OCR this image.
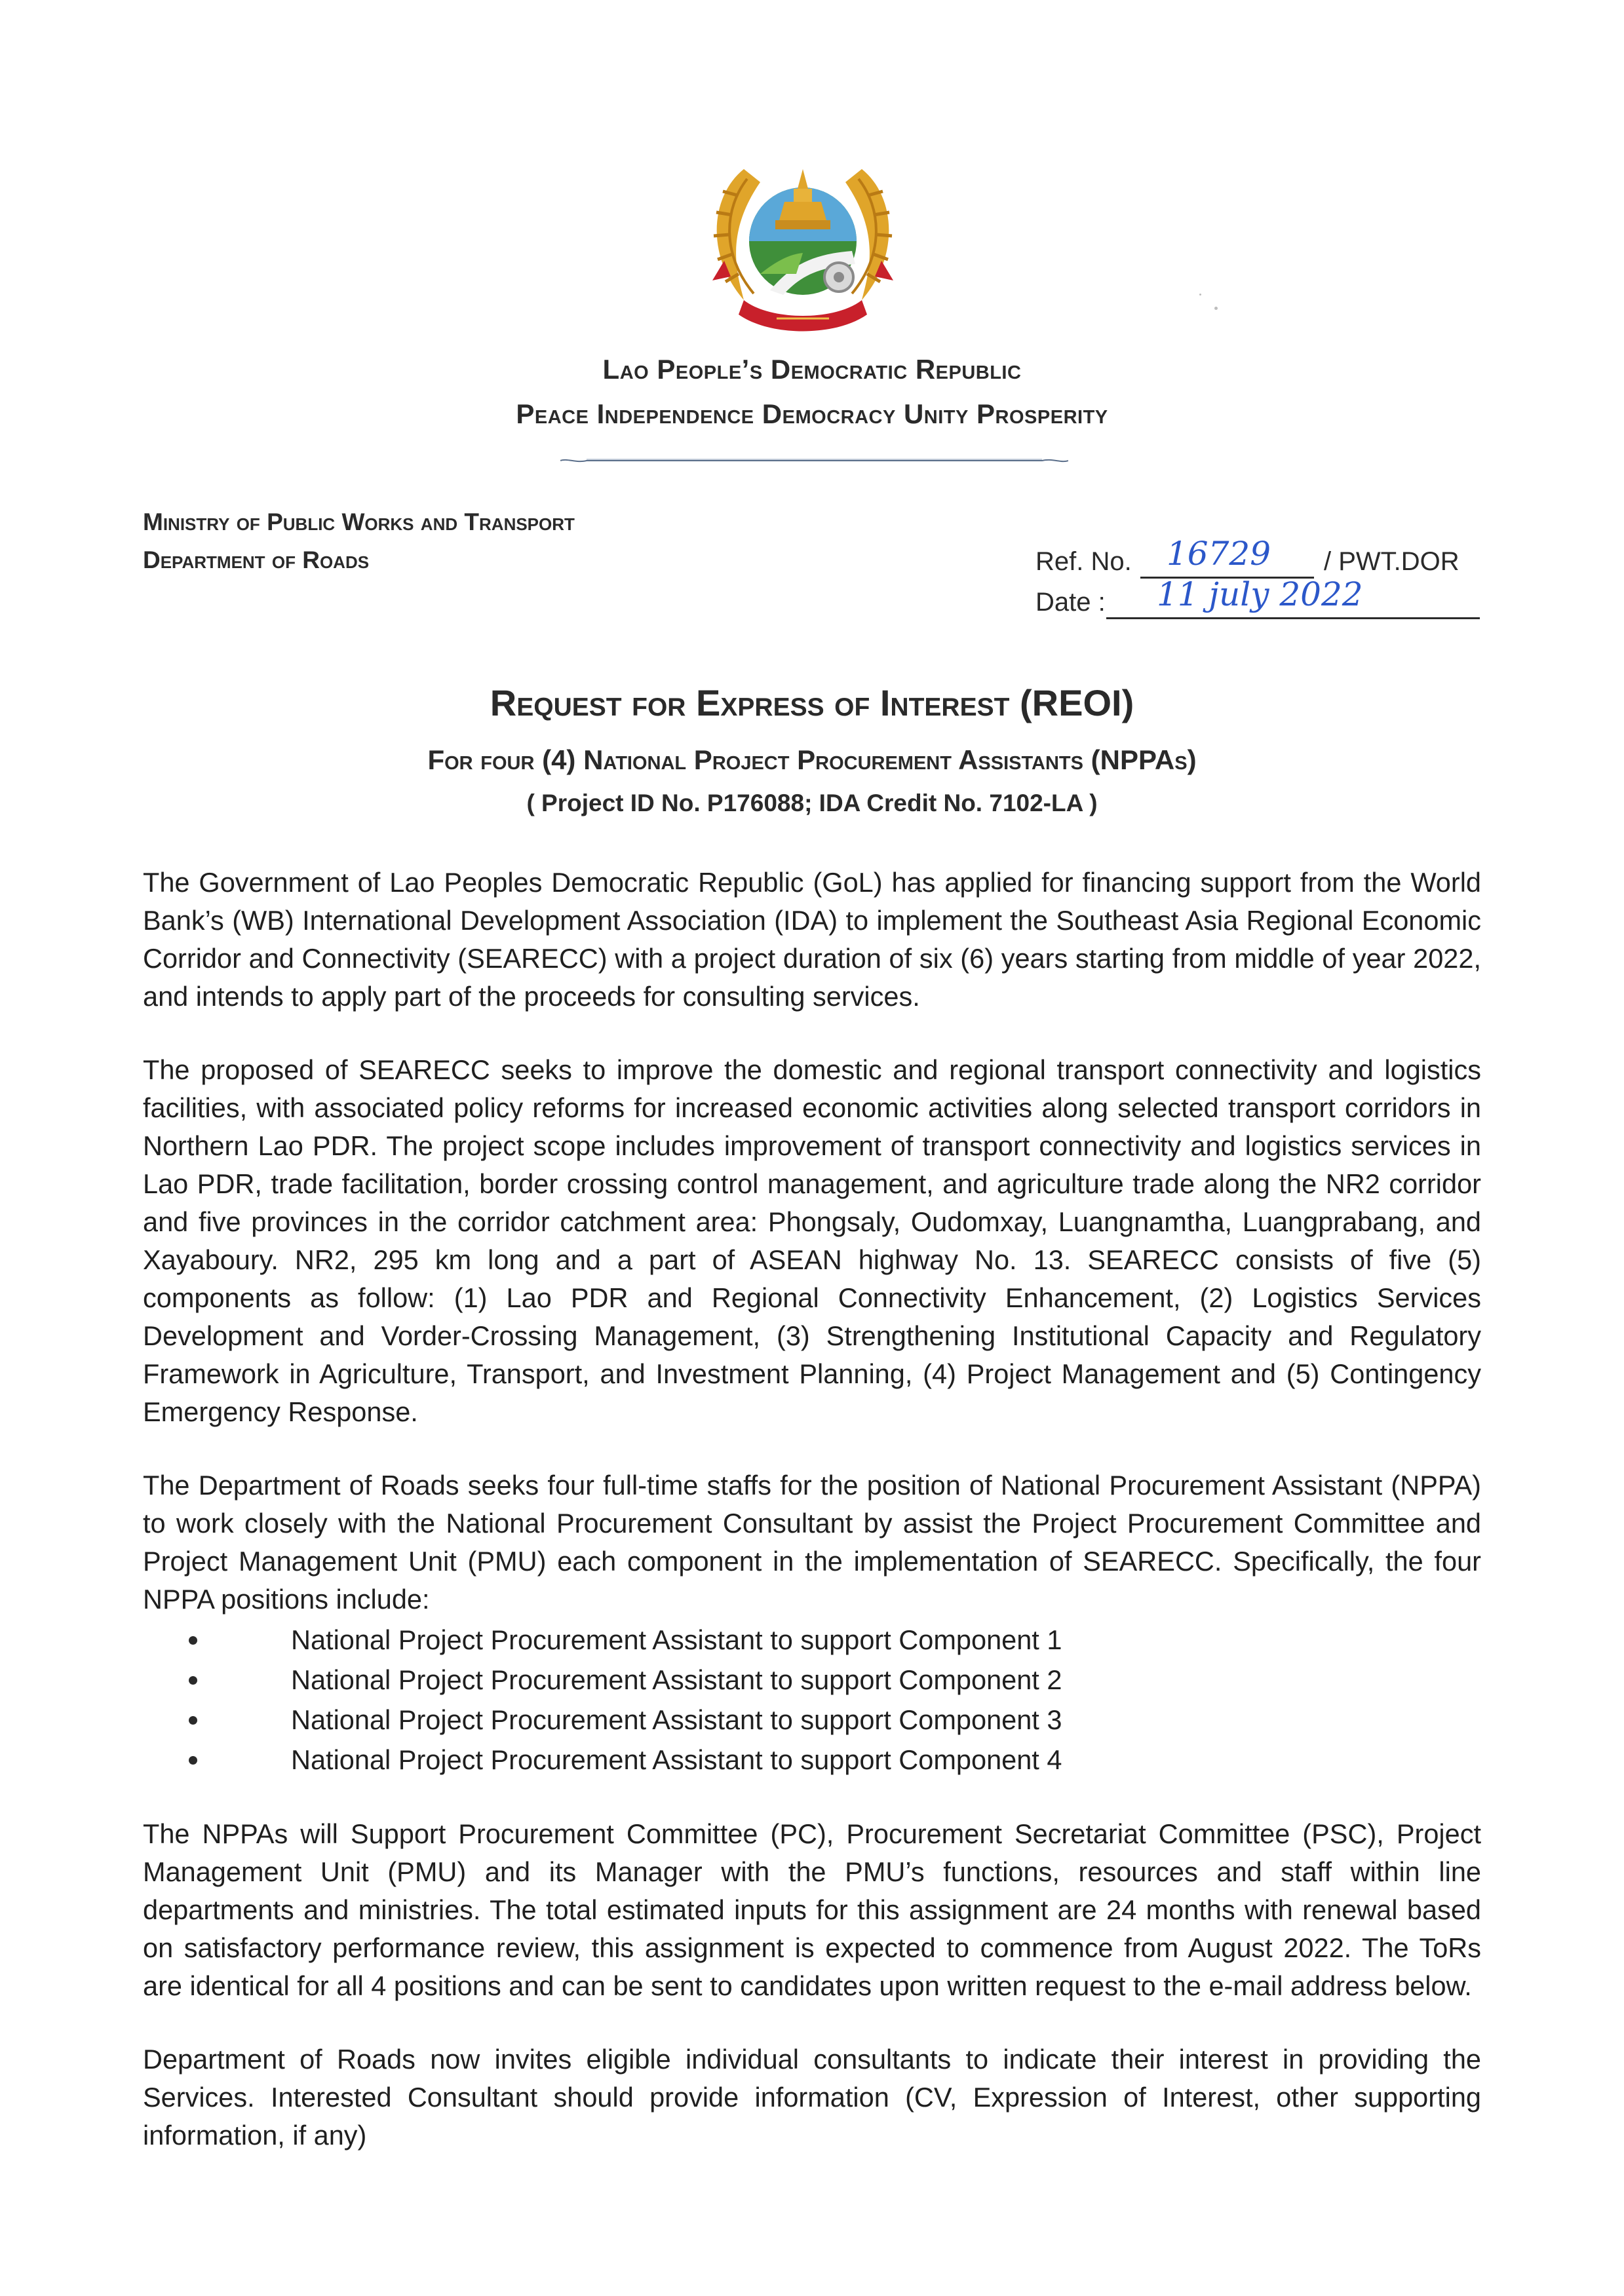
Lao People’s Democratic Republic
Peace Independence Democracy Unity Prosperity
Ministry of Public Works and Transport
Department of Roads	Ref. No. 16729 / PWT.DOR
Date : 11 july 2022
Request for Express of Interest (REOI)
For four (4) National Project Procurement Assistants (NPPAs)
( Project ID No. P176088; IDA Credit No. 7102-LA )

The Government of Lao Peoples Democratic Republic (GoL) has applied for financing support from the World Bank’s (WB) International Development Association (IDA) to implement the Southeast Asia Regional Economic Corridor and Connectivity (SEARECC) with a project duration of six (6) years starting from middle of year 2022, and intends to apply part of the proceeds for consulting services.

The proposed of SEARECC seeks to improve the domestic and regional transport connectivity and logistics facilities, with associated policy reforms for increased economic activities along selected transport corridors in Northern Lao PDR. The project scope includes improvement of transport connectivity and logistics services in Lao PDR, trade facilitation, border crossing control management, and agriculture trade along the NR2 corridor and five provinces in the corridor catchment area: Phongsaly, Oudomxay, Luangnamtha, Luangprabang, and Xayaboury. NR2, 295 km long and a part of ASEAN highway No. 13. SEARECC consists of five (5) components as follow: (1) Lao PDR and Regional Connectivity Enhancement, (2) Logistics Services Development and Vorder-Crossing Management, (3) Strengthening Institutional Capacity and Regulatory Framework in Agriculture, Transport, and Investment Planning, (4) Project Management and (5) Contingency Emergency Response.

The Department of Roads seeks four full-time staffs for the position of National Procurement Assistant (NPPA) to work closely with the National Procurement Consultant by assist the Project Procurement Committee and Project Management Unit (PMU) each component in the implementation of SEARECC. Specifically, the four NPPA positions include:

National Project Procurement Assistant to support Component 1
National Project Procurement Assistant to support Component 2
National Project Procurement Assistant to support Component 3
National Project Procurement Assistant to support Component 4

The NPPAs will Support Procurement Committee (PC), Procurement Secretariat Committee (PSC), Project Management Unit (PMU) and its Manager with the PMU’s functions, resources and staff within line departments and ministries. The total estimated inputs for this assignment are 24 months with renewal based on satisfactory performance review, this assignment is expected to commence from August 2022. The ToRs are identical for all 4 positions and can be sent to candidates upon written request to the e-mail address below.

Department of Roads now invites eligible individual consultants to indicate their interest in providing the Services. Interested Consultant should provide information (CV, Expression of Interest, other supporting information, if any)
